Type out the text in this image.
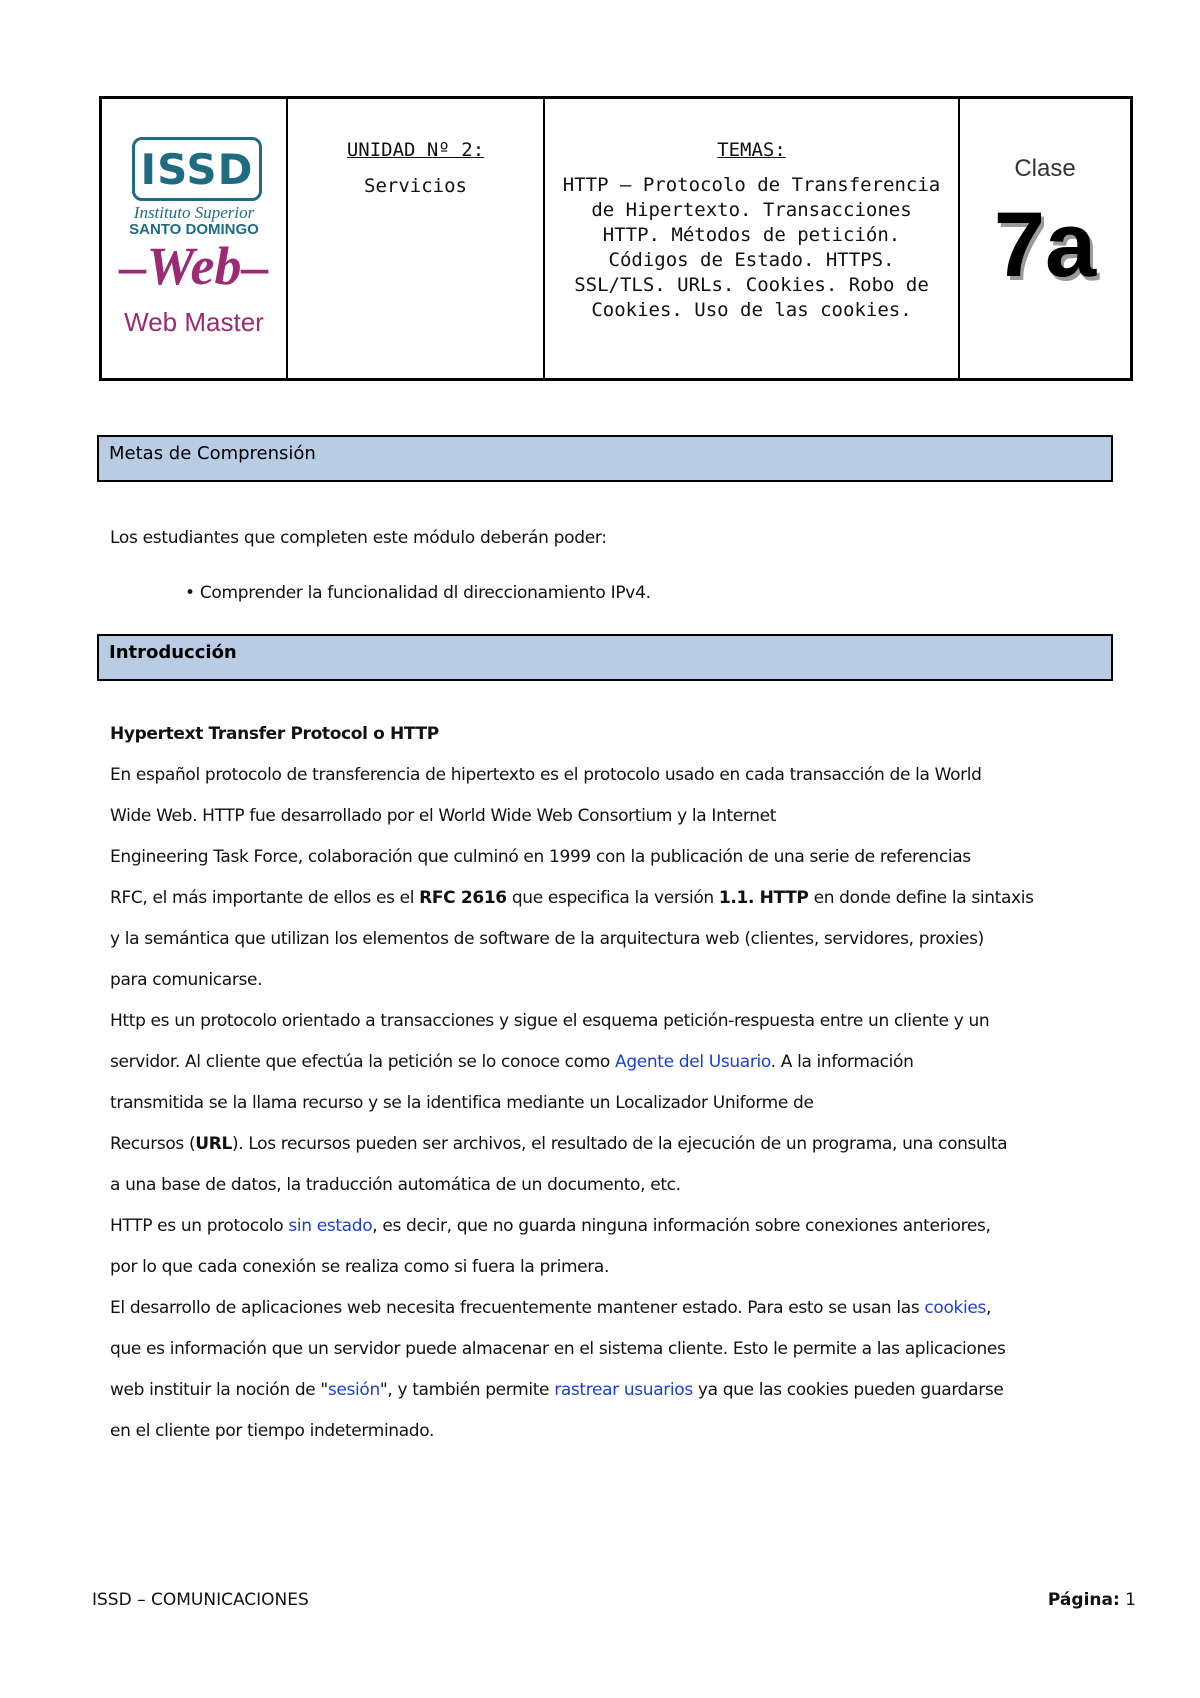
ISSD
Instituto Superior
SANTO DOMINGO
–Web–
Web Master
UNIDAD Nº 2:
Servicios
TEMAS:
HTTP – Protocolo de Transferencia
de Hipertexto. Transacciones
HTTP. Métodos de petición.
Códigos de Estado. HTTPS.
SSL/TLS. URLs. Cookies. Robo de
Cookies. Uso de las cookies.
Clase
7a
Metas de Comprensión
Los estudiantes que completen este módulo deberán poder:
• Comprender la funcionalidad dl direccionamiento IPv4.
Introducción
Hypertext Transfer Protocol o HTTP

En español protocolo de transferencia de hipertexto es el protocolo usado en cada transacción de la World
Wide Web. HTTP fue desarrollado por el World Wide Web Consortium y la Internet
Engineering Task Force, colaboración que culminó en 1999 con la publicación de una serie de referencias
RFC, el más importante de ellos es el RFC 2616 que especifica la versión 1.1. HTTP en donde define la sintaxis
y la semántica que utilizan los elementos de software de la arquitectura web (clientes, servidores, proxies)
para comunicarse.

Http es un protocolo orientado a transacciones y sigue el esquema petición-respuesta entre un cliente y un
servidor. Al cliente que efectúa la petición se lo conoce como Agente del Usuario. A la información
transmitida se la llama recurso y se la identifica mediante un Localizador Uniforme de
Recursos (URL). Los recursos pueden ser archivos, el resultado de la ejecución de un programa, una consulta
a una base de datos, la traducción automática de un documento, etc.

HTTP es un protocolo sin estado, es decir, que no guarda ninguna información sobre conexiones anteriores,
por lo que cada conexión se realiza como si fuera la primera.

El desarrollo de aplicaciones web necesita frecuentemente mantener estado. Para esto se usan las cookies,
que es información que un servidor puede almacenar en el sistema cliente. Esto le permite a las aplicaciones
web instituir la noción de "sesión", y también permite rastrear usuarios ya que las cookies pueden guardarse
en el cliente por tiempo indeterminado.

ISSD – COMUNICACIONES	Página: 1
